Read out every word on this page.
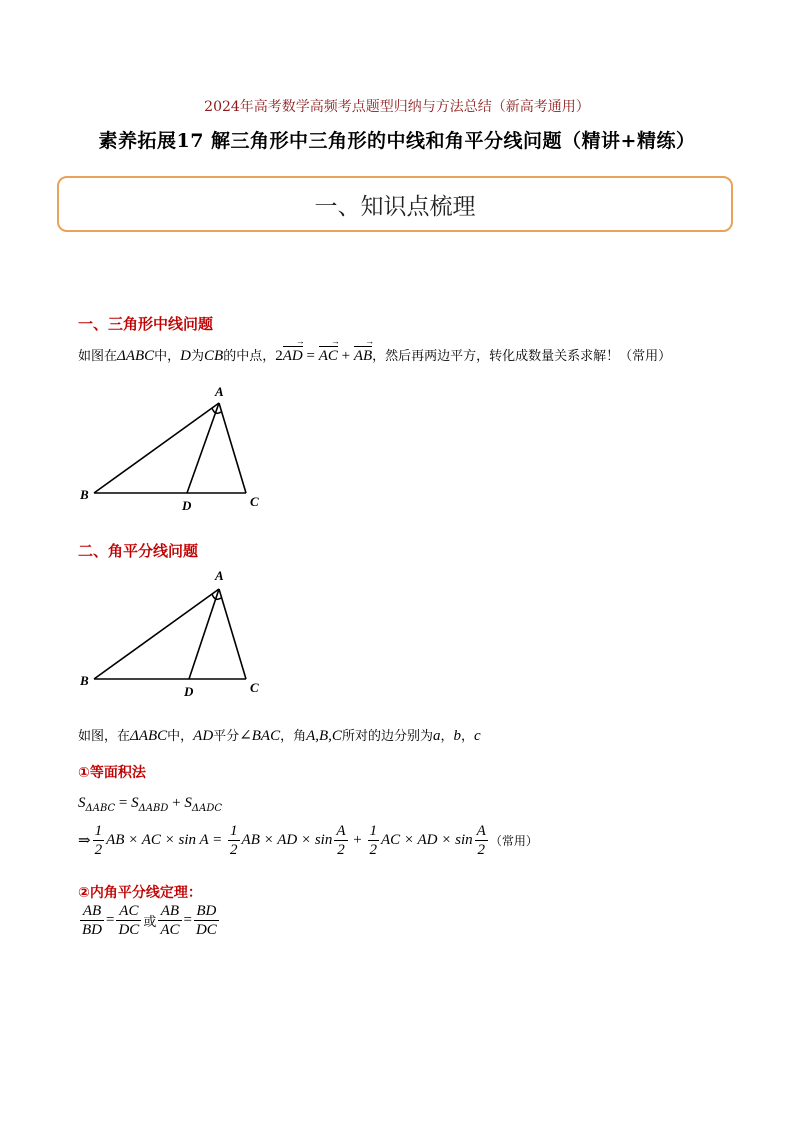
2024年高考数学高频考点题型归纳与方法总结（新高考通用）
素养拓展17 解三角形中三角形的中线和角平分线问题（精讲+精练）
一、知识点梳理
一、三角形中线问题
如图在ΔABC中，D为CB的中点，2AD → = AC → + AB →，然后再两边平方，转化成数量关系求解！（常用）
A
B	C
D
二、角平分线问题
A
B	C
D
如图，在ΔABC中，AD平分∠BAC，角A,B,C所对的边分别为a，b，c
①等面积法
$S_{\Delta ABC} = S_{\Delta ABD} + S_{\Delta ADC}$
⇒ $\frac{1}{2}$ AB × AC × $\sin A = \frac{1}{2}$ AB × AD × $\sin \frac{A}{2} + \frac{1}{2}$ AC × AD × $\sin \frac{A}{2}$ （常用）
②内角平分线定理：
$\frac{AB}{BD} = \frac{AC}{DC}$ 或 $\frac{AB}{AC} = \frac{BD}{DC}$
